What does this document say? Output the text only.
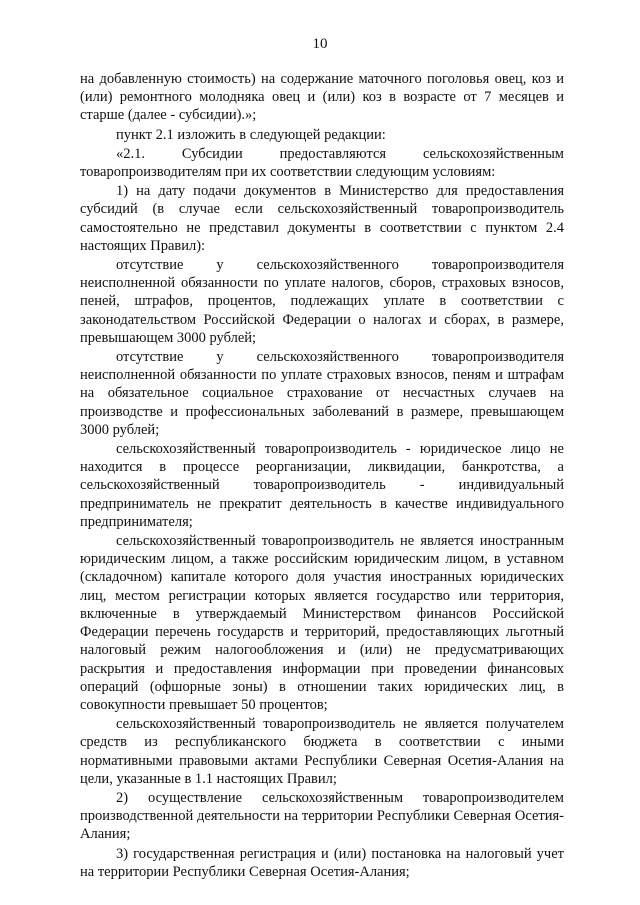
10

на добавленную стоимость) на содержание маточного поголовья овец, коз и (или) ремонтного молодняка овец и (или) коз в возрасте от 7 месяцев и старше (далее - субсидии).»;

пункт 2.1 изложить в следующей редакции:

«2.1. Субсидии предоставляются сельскохозяйственным товаропроизводителям при их соответствии следующим условиям:

1) на дату подачи документов в Министерство для предоставления субсидий (в случае если сельскохозяйственный товаропроизводитель самостоятельно не представил документы в соответствии с пунктом 2.4 настоящих Правил):

отсутствие у сельскохозяйственного товаропроизводителя неисполненной обязанности по уплате налогов, сборов, страховых взносов, пеней, штрафов, процентов, подлежащих уплате в соответствии с законодательством Российской Федерации о налогах и сборах, в размере, превышающем 3000 рублей;

отсутствие у сельскохозяйственного товаропроизводителя неисполненной обязанности по уплате страховых взносов, пеням и штрафам на обязательное социальное страхование от несчастных случаев на производстве и профессиональных заболеваний в размере, превышающем 3000 рублей;

сельскохозяйственный товаропроизводитель - юридическое лицо не находится в процессе реорганизации, ликвидации, банкротства, а сельскохозяйственный товаропроизводитель - индивидуальный предприниматель не прекратит деятельность в качестве индивидуального предпринимателя;

сельскохозяйственный товаропроизводитель не является иностранным юридическим лицом, а также российским юридическим лицом, в уставном (складочном) капитале которого доля участия иностранных юридических лиц, местом регистрации которых является государство или территория, включенные в утверждаемый Министерством финансов Российской Федерации перечень государств и территорий, предоставляющих льготный налоговый режим налогообложения и (или) не предусматривающих раскрытия и предоставления информации при проведении финансовых операций (офшорные зоны) в отношении таких юридических лиц, в совокупности превышает 50 процентов;

сельскохозяйственный товаропроизводитель не является получателем средств из республиканского бюджета в соответствии с иными нормативными правовыми актами Республики Северная Осетия-Алания на цели, указанные в 1.1 настоящих Правил;

2) осуществление сельскохозяйственным товаропроизводителем производственной деятельности на территории Республики Северная Осетия-Алания;

3) государственная регистрация и (или) постановка на налоговый учет на территории Республики Северная Осетия-Алания;
